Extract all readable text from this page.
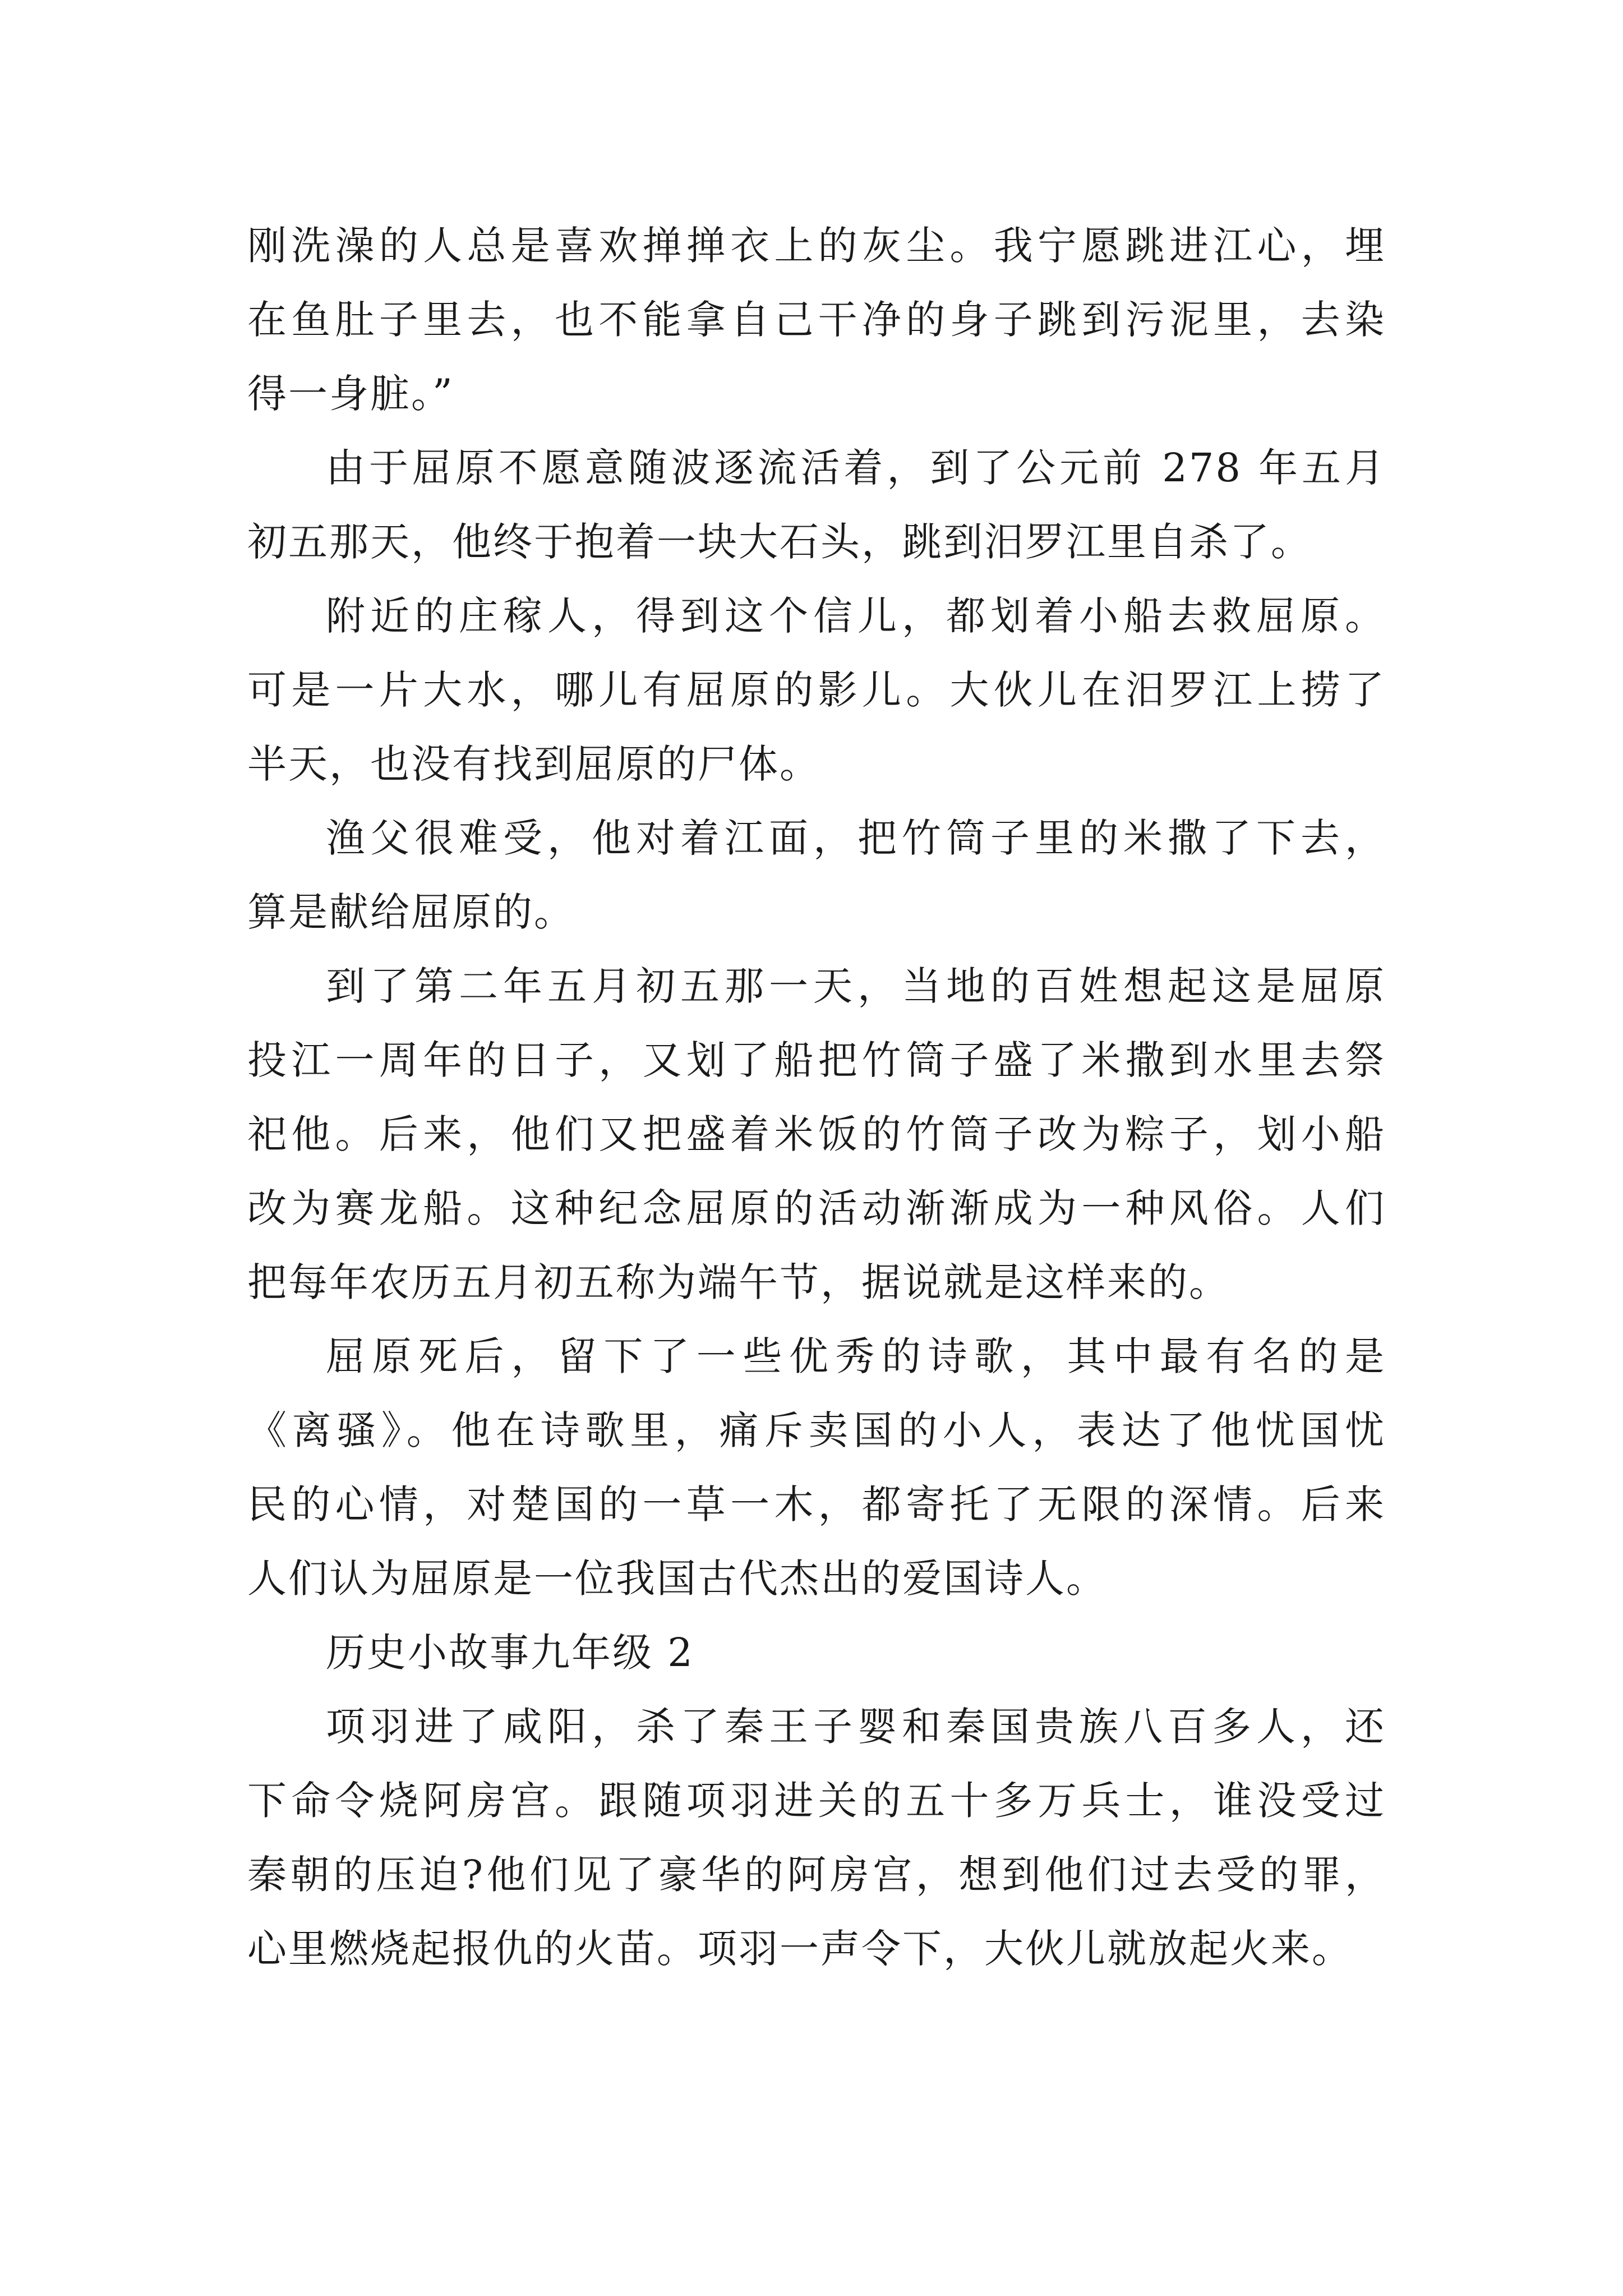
刚洗澡的人总是喜欢掸掸衣上的灰尘。我宁愿跳进江心，埋
在鱼肚子里去，也不能拿自己干净的身子跳到污泥里，去染
得一身脏。”
由于屈原不愿意随波逐流活着，到了公元前 278 年五月
初五那天，他终于抱着一块大石头，跳到汨罗江里自杀了。
附近的庄稼人，得到这个信儿，都划着小船去救屈原。
可是一片大水，哪儿有屈原的影儿。大伙儿在汨罗江上捞了
半天，也没有找到屈原的尸体。
渔父很难受，他对着江面，把竹筒子里的米撒了下去，
算是献给屈原的。
到了第二年五月初五那一天，当地的百姓想起这是屈原
投江一周年的日子，又划了船把竹筒子盛了米撒到水里去祭
祀他。后来，他们又把盛着米饭的竹筒子改为粽子，划小船
改为赛龙船。这种纪念屈原的活动渐渐成为一种风俗。人们
把每年农历五月初五称为端午节，据说就是这样来的。
屈原死后，留下了一些优秀的诗歌，其中最有名的是
《离骚》。他在诗歌里，痛斥卖国的小人，表达了他忧国忧
民的心情，对楚国的一草一木，都寄托了无限的深情。后来
人们认为屈原是一位我国古代杰出的爱国诗人。
历史小故事九年级 2
项羽进了咸阳，杀了秦王子婴和秦国贵族八百多人，还
下命令烧阿房宫。跟随项羽进关的五十多万兵士，谁没受过
秦朝的压迫?他们见了豪华的阿房宫，想到他们过去受的罪，
心里燃烧起报仇的火苗。项羽一声令下，大伙儿就放起火来。
